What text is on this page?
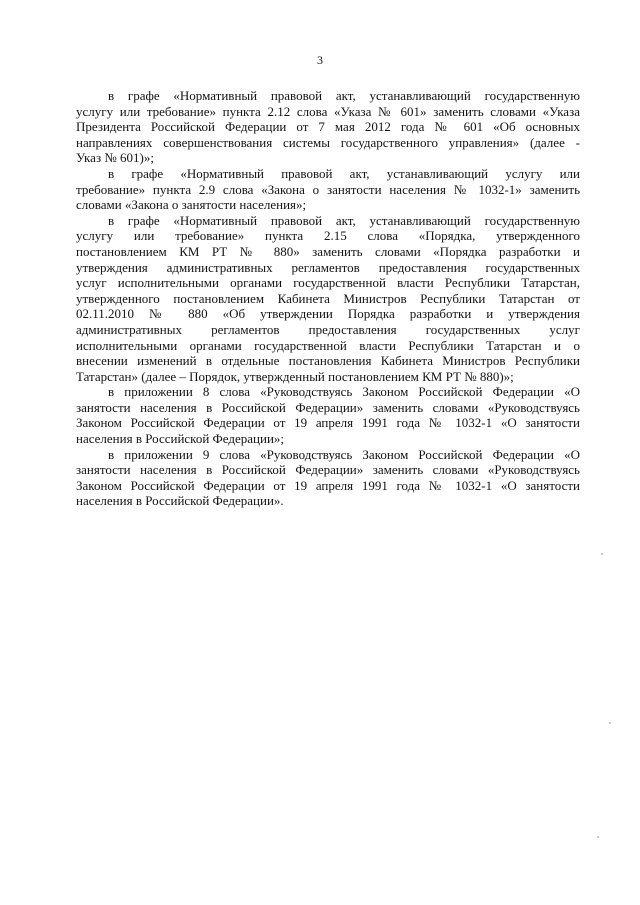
3

в графе «Нормативный правовой акт, устанавливающий государственную
услугу или требование» пункта 2.12 слова «Указа № 601» заменить словами «Указа
Президента Российской Федерации от 7 мая 2012 года № 601 «Об основных
направлениях совершенствования системы государственного управления» (далее -
Указ № 601)»;

в графе «Нормативный правовой акт, устанавливающий услугу или
требование» пункта 2.9 слова «Закона о занятости населения № 1032-1» заменить
словами «Закона о занятости населения»;

в графе «Нормативный правовой акт, устанавливающий государственную
услугу или требование» пункта 2.15 слова «Порядка, утвержденного
постановлением КМ РТ № 880» заменить словами «Порядка разработки и
утверждения административных регламентов предоставления государственных
услуг исполнительными органами государственной власти Республики Татарстан,
утвержденного постановлением Кабинета Министров Республики Татарстан от
02.11.2010 № 880 «Об утверждении Порядка разработки и утверждения
административных регламентов предоставления государственных услуг
исполнительными органами государственной власти Республики Татарстан и о
внесении изменений в отдельные постановления Кабинета Министров Республики
Татарстан» (далее – Порядок, утвержденный постановлением КМ РТ № 880)»;

в приложении 8 слова «Руководствуясь Законом Российской Федерации «О
занятости населения в Российской Федерации» заменить словами «Руководствуясь
Законом Российской Федерации от 19 апреля 1991 года № 1032-1 «О занятости
населения в Российской Федерации»;

в приложении 9 слова «Руководствуясь Законом Российской Федерации «О
занятости населения в Российской Федерации» заменить словами «Руководствуясь
Законом Российской Федерации от 19 апреля 1991 года № 1032-1 «О занятости
населения в Российской Федерации».
